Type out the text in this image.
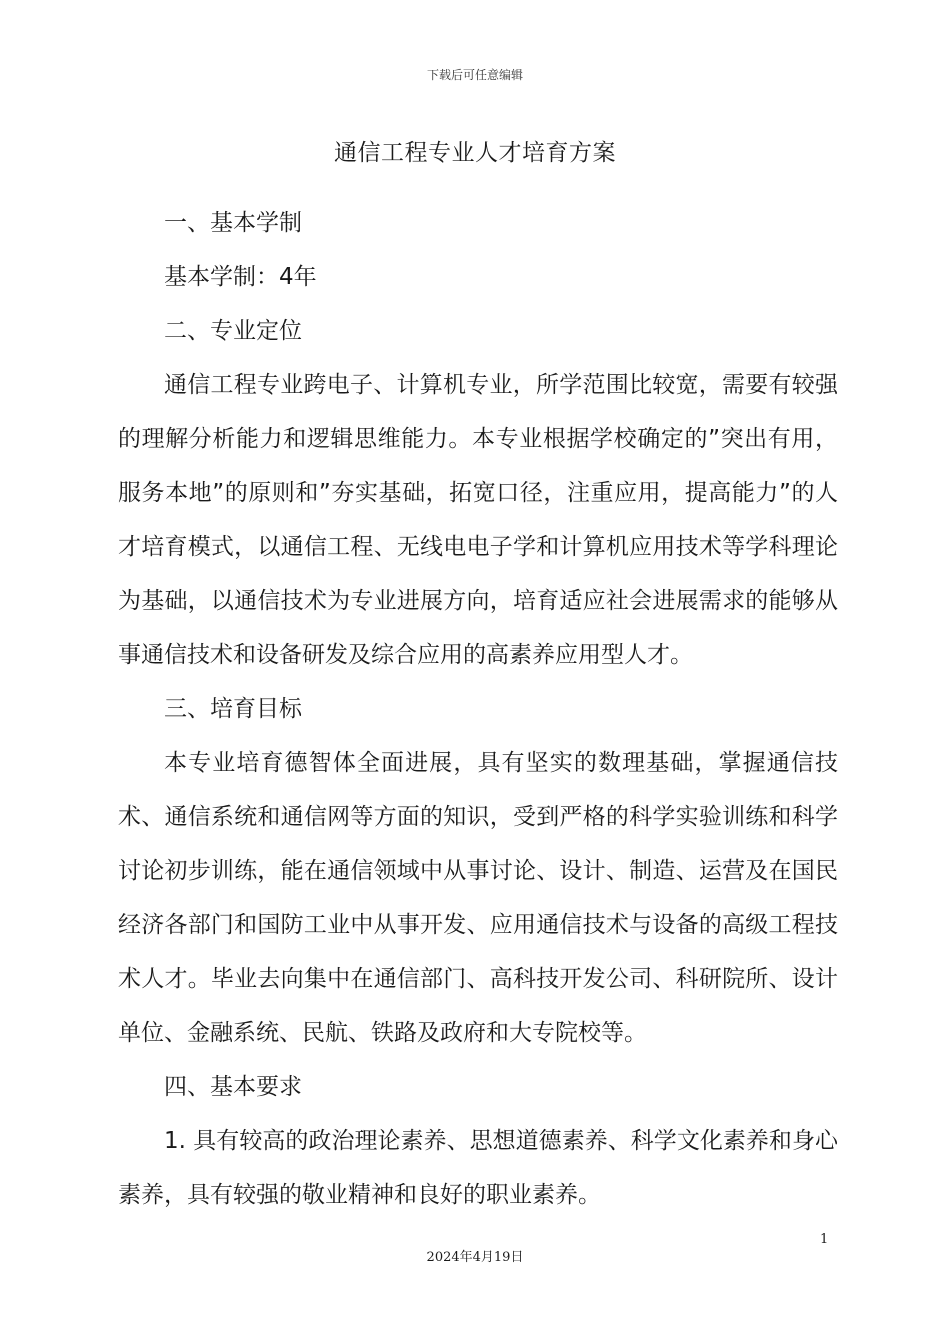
下载后可任意编辑
通信工程专业人才培育方案

一、基本学制

基本学制：4年

二、专业定位

通信工程专业跨电子、计算机专业，所学范围比较宽，需要有较强的理解分析能力和逻辑思维能力。本专业根据学校确定的”突出有用，服务本地”的原则和”夯实基础，拓宽口径，注重应用，提高能力”的人才培育模式，以通信工程、无线电电子学和计算机应用技术等学科理论为基础，以通信技术为专业进展方向，培育适应社会进展需求的能够从事通信技术和设备研发及综合应用的高素养应用型人才。

三、培育目标

本专业培育德智体全面进展，具有坚实的数理基础，掌握通信技术、通信系统和通信网等方面的知识，受到严格的科学实验训练和科学讨论初步训练，能在通信领域中从事讨论、设计、制造、运营及在国民经济各部门和国防工业中从事开发、应用通信技术与设备的高级工程技术人才。毕业去向集中在通信部门、高科技开发公司、科研院所、设计单位、金融系统、民航、铁路及政府和大专院校等。

四、基本要求

1. 具有较高的政治理论素养、思想道德素养、科学文化素养和身心素养，具有较强的敬业精神和良好的职业素养。

1
2024年4月19日
